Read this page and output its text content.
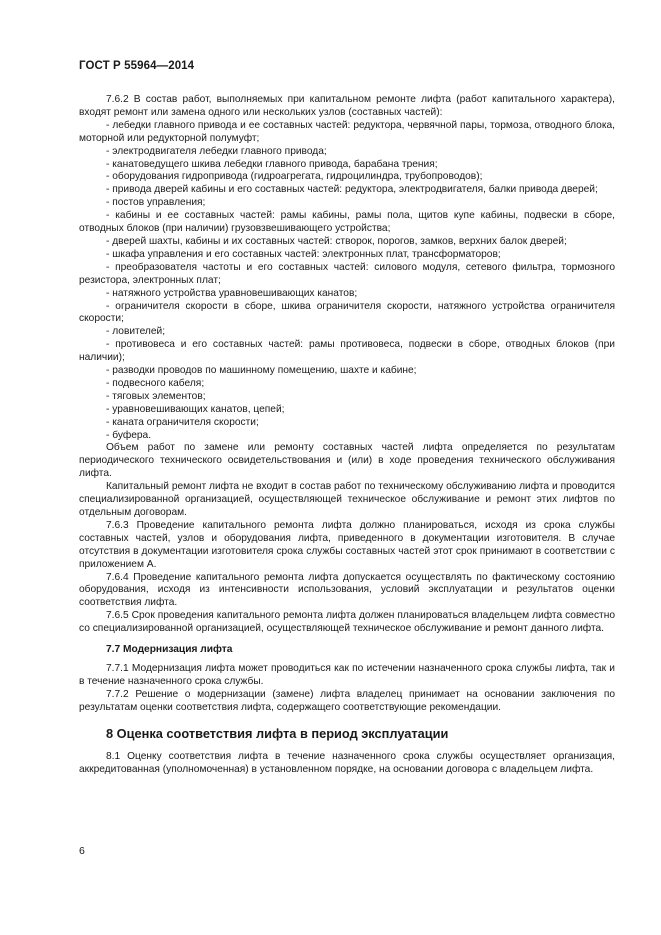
ГОСТ Р 55964—2014

7.6.2 В состав работ, выполняемых при капитальном ремонте лифта (работ капитального характера), входят ремонт или замена одного или нескольких узлов (составных частей):

- лебедки главного привода и ее составных частей: редуктора, червячной пары, тормоза, отводного блока, моторной или редукторной полумуфт;

- электродвигателя лебедки главного привода;

- канатоведущего шкива лебедки главного привода, барабана трения;

- оборудования гидропривода (гидроагрегата, гидроцилиндра, трубопроводов);

- привода дверей кабины и его составных частей: редуктора, электродвигателя, балки привода дверей;

- постов управления;

- кабины и ее составных частей: рамы кабины, рамы пола, щитов купе кабины, подвески в сборе, отводных блоков (при наличии) грузовзвешивающего устройства;

- дверей шахты, кабины и их составных частей: створок, порогов, замков, верхних балок дверей;

- шкафа управления и его составных частей: электронных плат, трансформаторов;

- преобразователя частоты и его составных частей: силового модуля, сетевого фильтра, тормозного резистора, электронных плат;

- натяжного устройства уравновешивающих канатов;

- ограничителя скорости в сборе, шкива ограничителя скорости, натяжного устройства ограничителя скорости;

- ловителей;

- противовеса и его составных частей: рамы противовеса, подвески в сборе, отводных блоков (при наличии);

- разводки проводов по машинному помещению, шахте и кабине;

- подвесного кабеля;

- тяговых элементов;

- уравновешивающих канатов, цепей;

- каната ограничителя скорости;

- буфера.

Объем работ по замене или ремонту составных частей лифта определяется по результатам периодического технического освидетельствования и (или) в ходе проведения технического обслуживания лифта.

Капитальный ремонт лифта не входит в состав работ по техническому обслуживанию лифта и проводится специализированной организацией, осуществляющей техническое обслуживание и ремонт этих лифтов по отдельным договорам.

7.6.3 Проведение капитального ремонта лифта должно планироваться, исходя из срока службы составных частей, узлов и оборудования лифта, приведенного в документации изготовителя. В случае отсутствия в документации изготовителя срока службы составных частей этот срок принимают в соответствии с приложением А.

7.6.4 Проведение капитального ремонта лифта допускается осуществлять по фактическому состоянию оборудования, исходя из интенсивности использования, условий эксплуатации и результатов оценки соответствия лифта.

7.6.5 Срок проведения капитального ремонта лифта должен планироваться владельцем лифта совместно со специализированной организацией, осуществляющей техническое обслуживание и ремонт данного лифта.

7.7 Модернизация лифта

7.7.1 Модернизация лифта может проводиться как по истечении назначенного срока службы лифта, так и в течение назначенного срока службы.

7.7.2 Решение о модернизации (замене) лифта владелец принимает на основании заключения по результатам оценки соответствия лифта, содержащего соответствующие рекомендации.

8 Оценка соответствия лифта в период эксплуатации

8.1 Оценку соответствия лифта в течение назначенного срока службы осуществляет организация, аккредитованная (уполномоченная) в установленном порядке, на основании договора с владельцем лифта.

6
